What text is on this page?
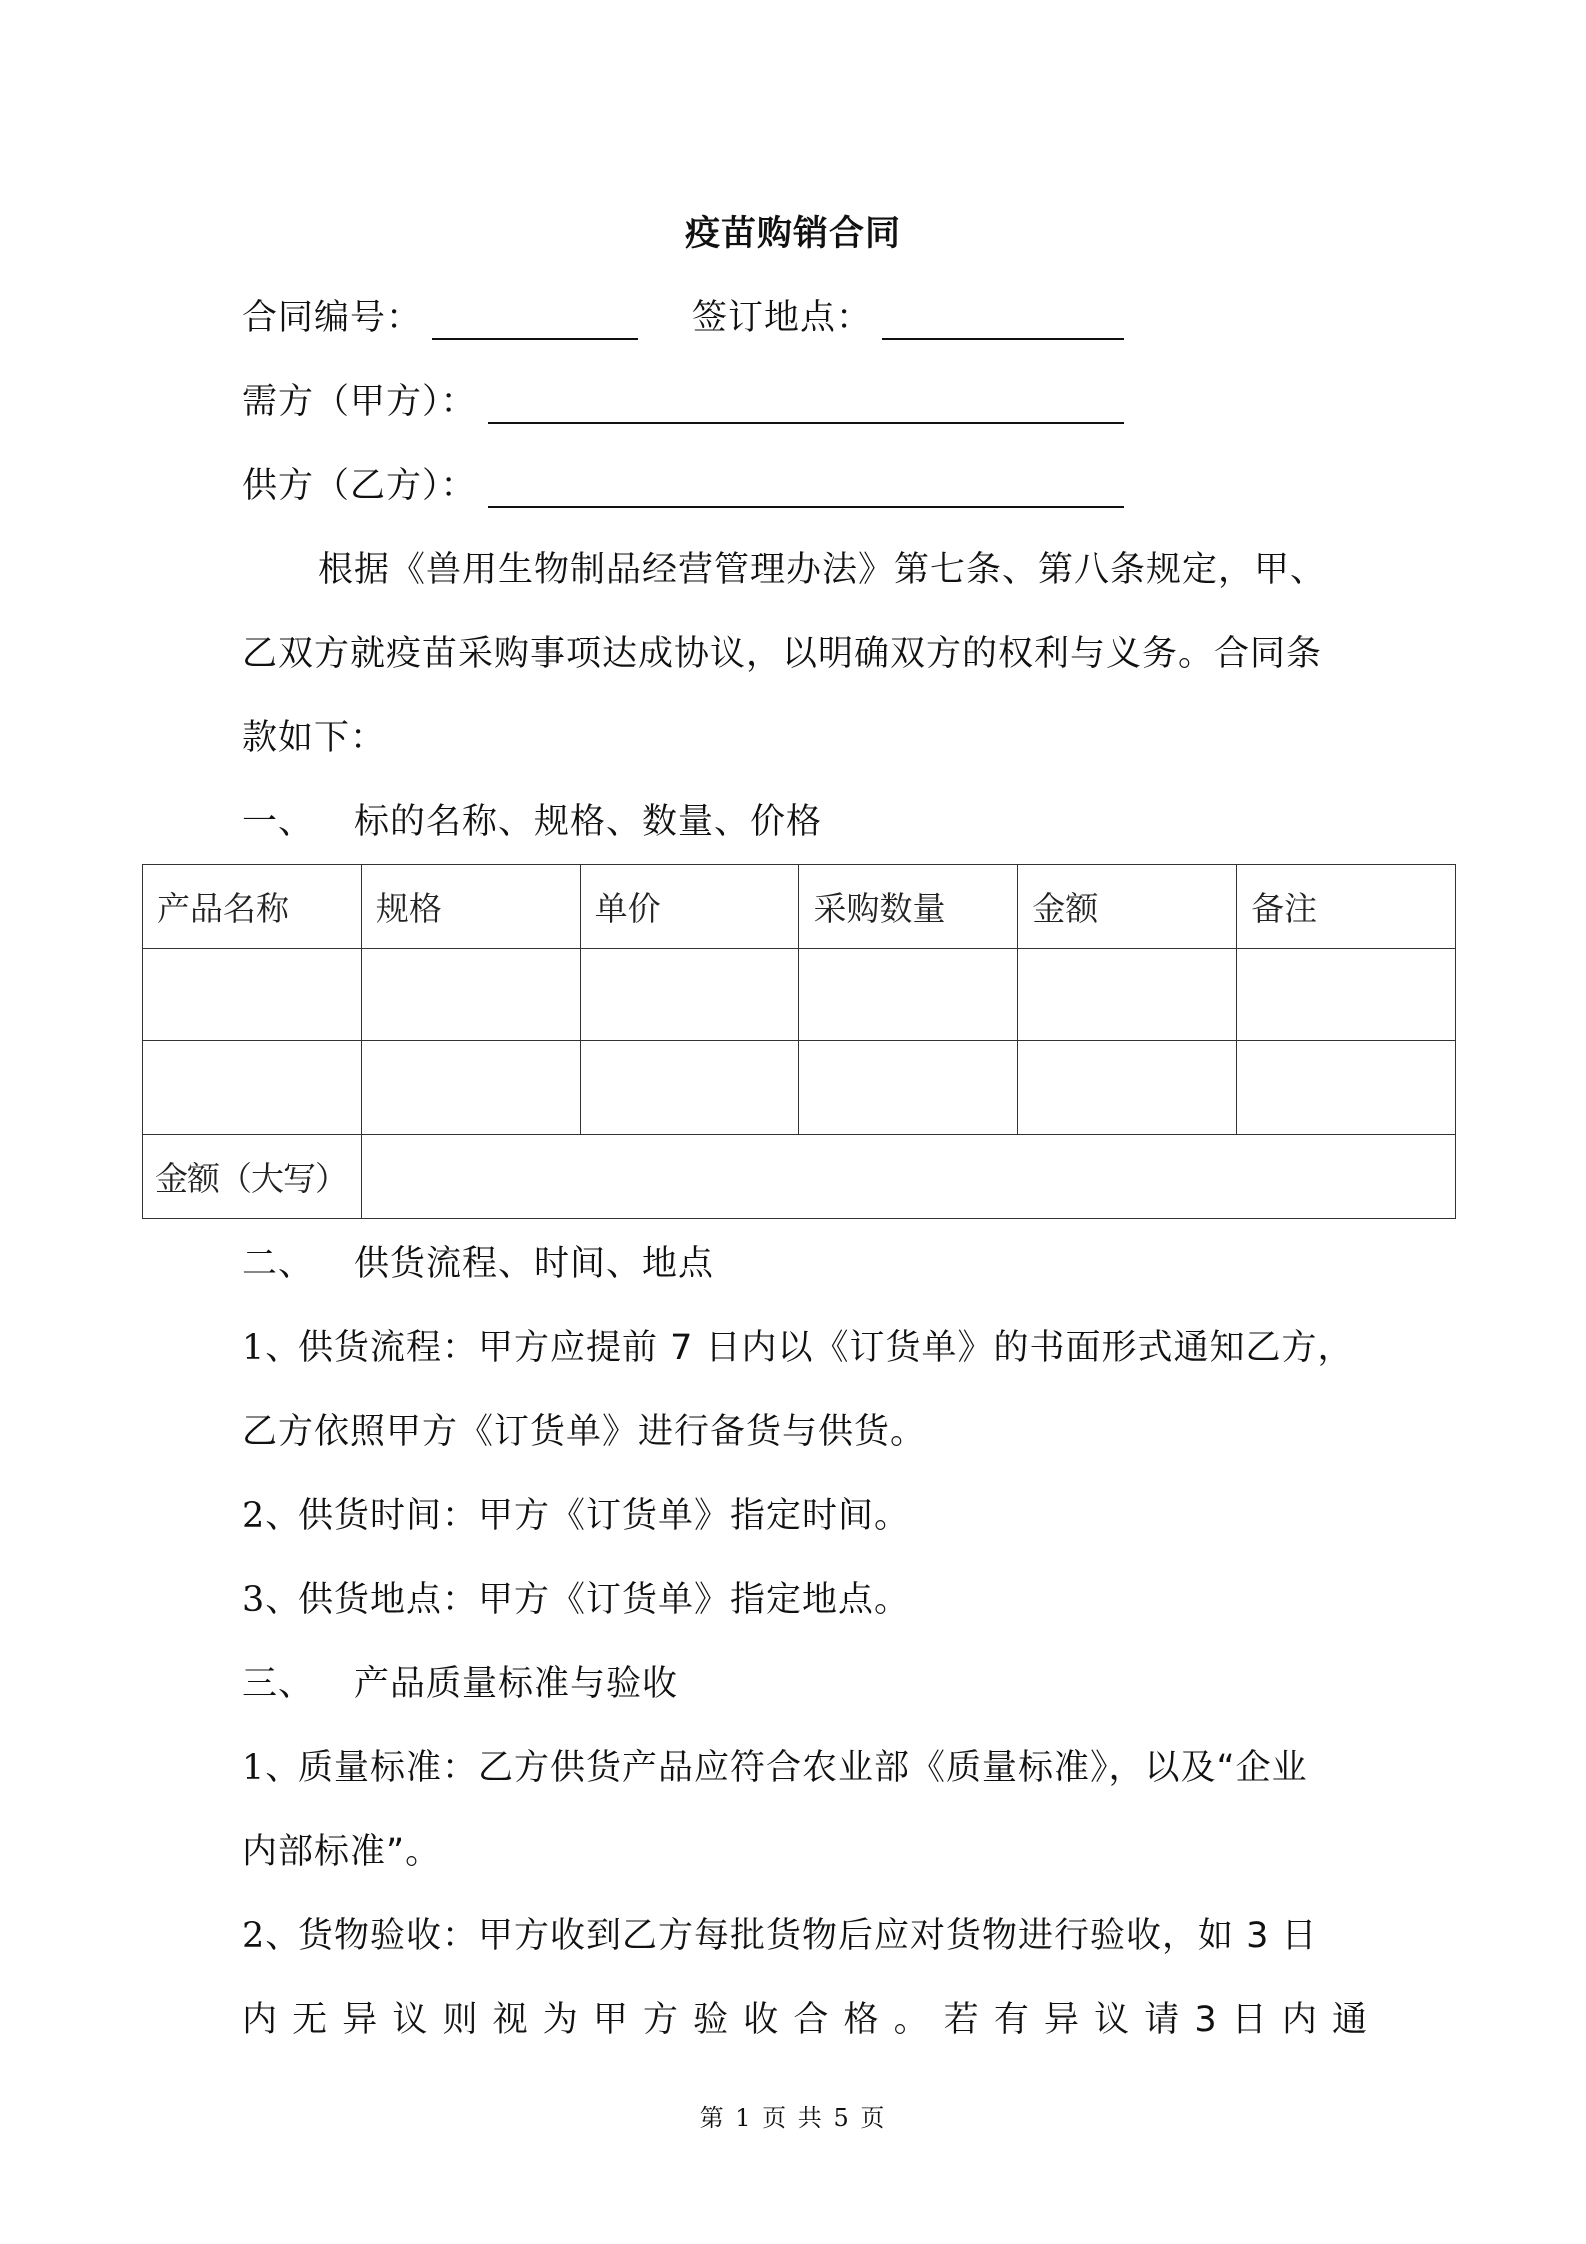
疫苗购销合同
合同编号：	签订地点：
需方（甲方）：
供方（乙方）：
根据《兽用生物制品经营管理办法》第七条、第八条规定，甲、
乙双方就疫苗采购事项达成协议，以明确双方的权利与义务。合同条
款如下：
一、 标的名称、规格、数量、价格
产品名称	规格	单价	采购数量	金额	备注

金额（大写）					
二、 供货流程、时间、地点
1、
供货流程：甲方应提前 7 日内以《订货单》的书面形式通知乙方，
乙方依照甲方《订货单》进行备货与供货。
2、
供货时间：甲方《订货单》指定时间。
3、
供货地点：甲方《订货单》指定地点。
三、 产品质量标准与验收
1、
质量标准：乙方供货产品应符合农业部《质量标准》，以及“企业
内部标准”。
2、
货物验收：甲方收到乙方每批货物后应对货物进行验收，如 3 日
内 无 异 议 则 视 为 甲 方 验 收 合 格 。 若 有 异 议 请 3 日 内 通
第 1 页 共 5 页
